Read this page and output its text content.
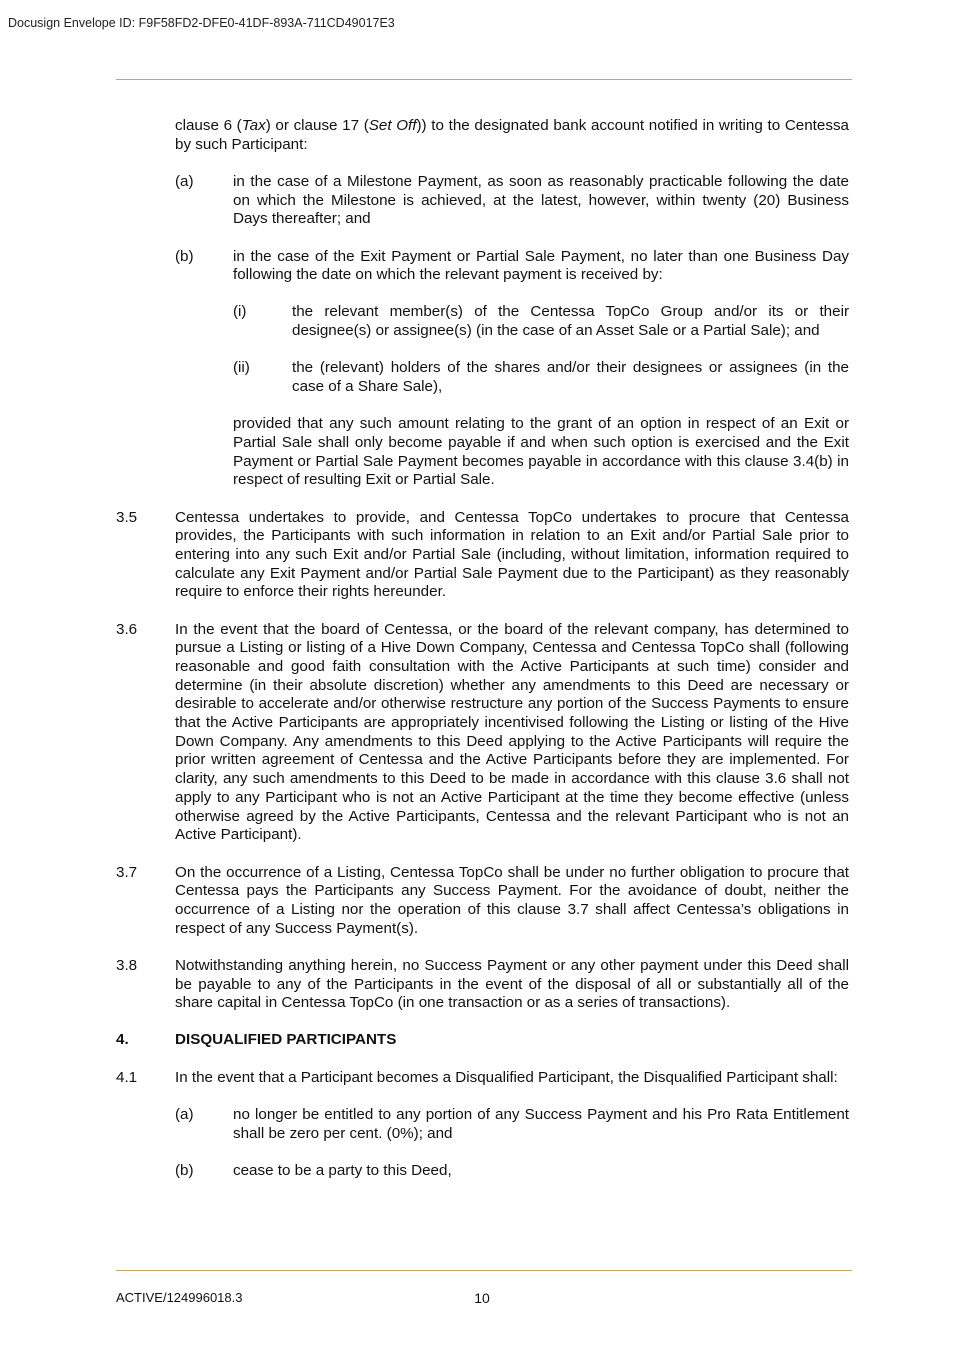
Docusign Envelope ID: F9F58FD2-DFE0-41DF-893A-711CD49017E3

clause 6 (Tax) or clause 17 (Set Off)) to the designated bank account notified in writing to Centessa by such Participant:

(a)	in the case of a Milestone Payment, as soon as reasonably practicable following the date on which the Milestone is achieved, at the latest, however, within twenty (20) Business Days thereafter; and

(b)	in the case of the Exit Payment or Partial Sale Payment, no later than one Business Day following the date on which the relevant payment is received by:

(i)	the relevant member(s) of the Centessa TopCo Group and/or its or their designee(s) or assignee(s) (in the case of an Asset Sale or a Partial Sale); and

(ii)	the (relevant) holders of the shares and/or their designees or assignees (in the case of a Share Sale),

provided that any such amount relating to the grant of an option in respect of an Exit or Partial Sale shall only become payable if and when such option is exercised and the Exit Payment or Partial Sale Payment becomes payable in accordance with this clause 3.4(b) in respect of resulting Exit or Partial Sale.

3.5	Centessa undertakes to provide, and Centessa TopCo undertakes to procure that Centessa provides, the Participants with such information in relation to an Exit and/or Partial Sale prior to entering into any such Exit and/or Partial Sale (including, without limitation, information required to calculate any Exit Payment and/or Partial Sale Payment due to the Participant) as they reasonably require to enforce their rights hereunder.

3.6	In the event that the board of Centessa, or the board of the relevant company, has determined to pursue a Listing or listing of a Hive Down Company, Centessa and Centessa TopCo shall (following reasonable and good faith consultation with the Active Participants at such time) consider and determine (in their absolute discretion) whether any amendments to this Deed are necessary or desirable to accelerate and/or otherwise restructure any portion of the Success Payments to ensure that the Active Participants are appropriately incentivised following the Listing or listing of the Hive Down Company. Any amendments to this Deed applying to the Active Participants will require the prior written agreement of Centessa and the Active Participants before they are implemented. For clarity, any such amendments to this Deed to be made in accordance with this clause 3.6 shall not apply to any Participant who is not an Active Participant at the time they become effective (unless otherwise agreed by the Active Participants, Centessa and the relevant Participant who is not an Active Participant).

3.7	On the occurrence of a Listing, Centessa TopCo shall be under no further obligation to procure that Centessa pays the Participants any Success Payment. For the avoidance of doubt, neither the occurrence of a Listing nor the operation of this clause 3.7 shall affect Centessa’s obligations in respect of any Success Payment(s).

3.8	Notwithstanding anything herein, no Success Payment or any other payment under this Deed shall be payable to any of the Participants in the event of the disposal of all or substantially all of the share capital in Centessa TopCo (in one transaction or as a series of transactions).

4.	DISQUALIFIED PARTICIPANTS
4.1	In the event that a Participant becomes a Disqualified Participant, the Disqualified Participant shall:

(a)	no longer be entitled to any portion of any Success Payment and his Pro Rata Entitlement shall be zero per cent. (0%); and

(b)	cease to be a party to this Deed,

ACTIVE/124996018.3	10
